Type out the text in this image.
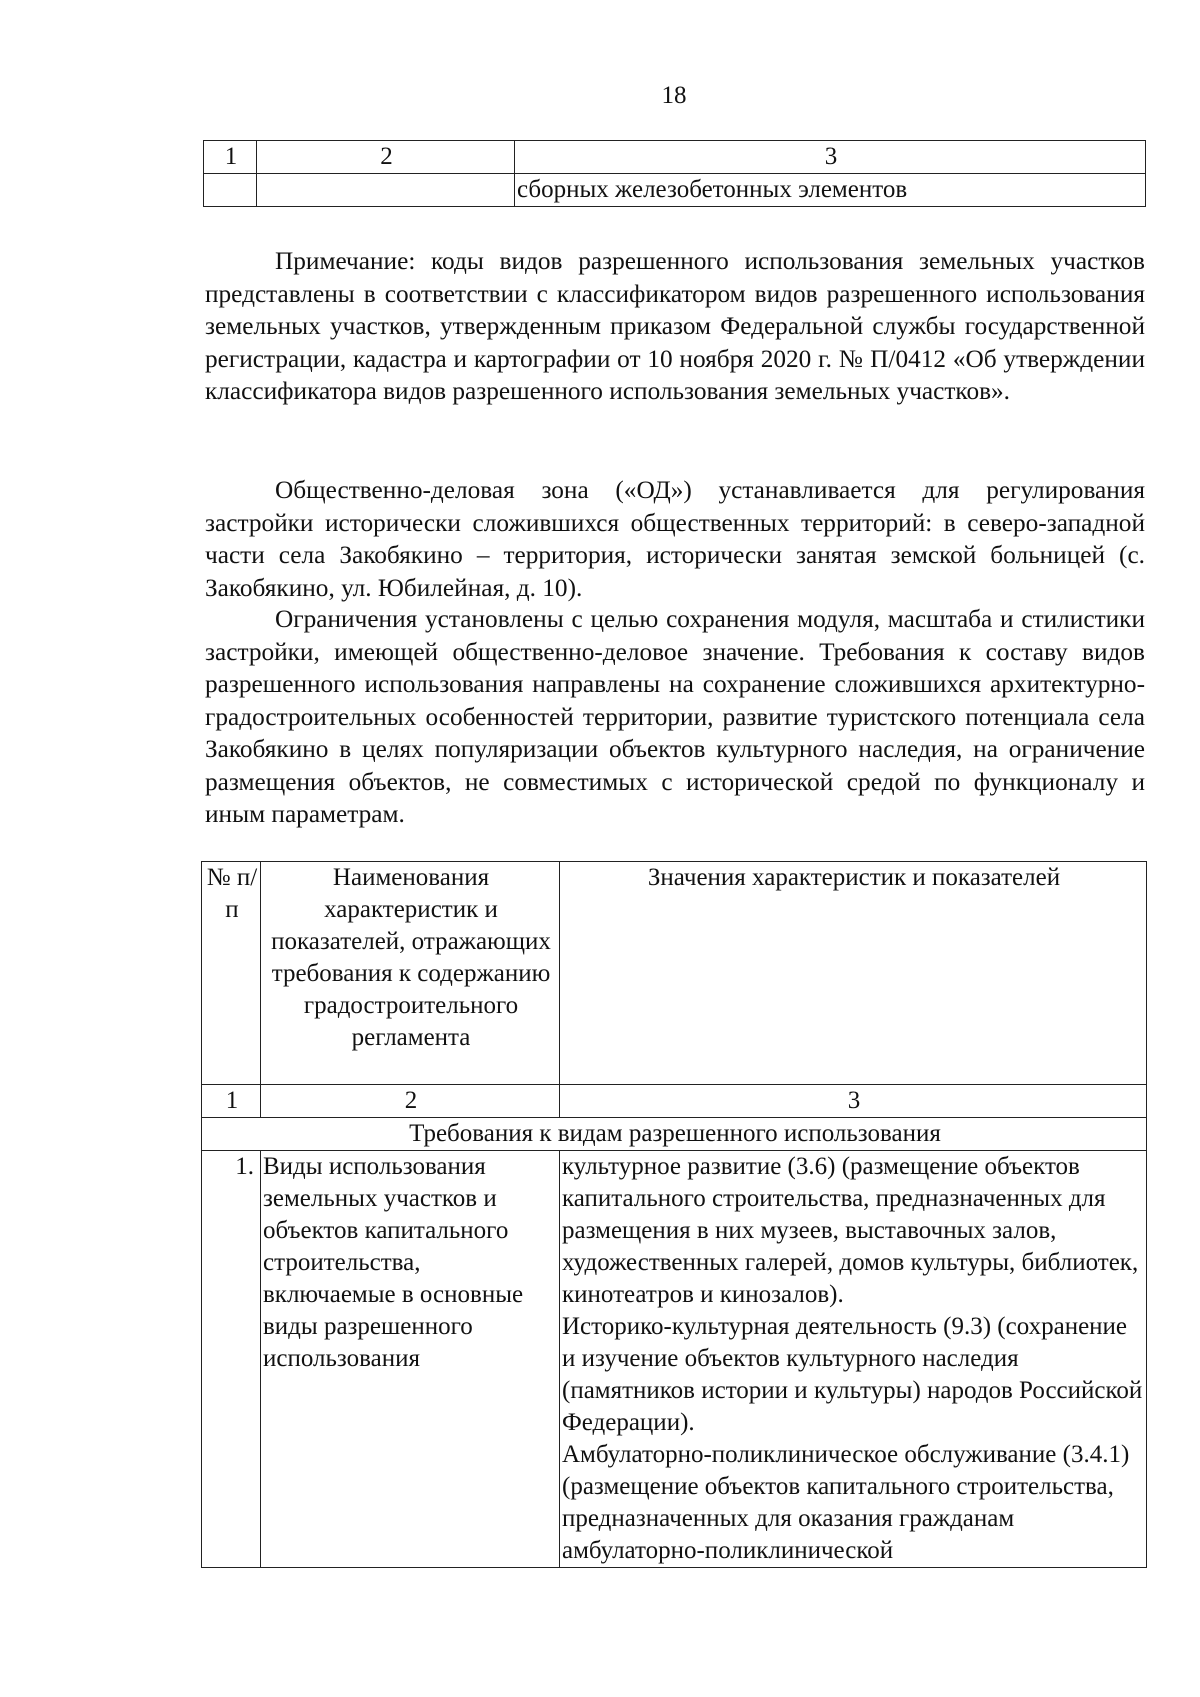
18
1	2	3
		сборных железобетонных элементов

Примечание: коды видов разрешенного использования земельных участков представлены в соответствии с классификатором видов разрешенного использования земельных участков, утвержденным приказом Федеральной службы государственной регистрации, кадастра и картографии от 10 ноября 2020 г. № П/0412 «Об утверждении классификатора видов разрешенного использования земельных участков».

Общественно-деловая зона («ОД») устанавливается для регулирования застройки исторически сложившихся общественных территорий: в северо-западной части села Закобякино – территория, исторически занятая земской больницей (с. Закобякино, ул. Юбилейная, д. 10).

Ограничения установлены с целью сохранения модуля, масштаба и стилистики застройки, имеющей общественно-деловое значение. Требования к составу видов разрешенного использования направлены на сохранение сложившихся архитектурно-градостроительных особенностей территории, развитие туристского потенциала села Закобякино в целях популяризации объектов культурного наследия, на ограничение размещения объектов, не совместимых с исторической средой по функционалу и иным параметрам.

№ п/п	Наименования характеристик и показателей, отражающих требования к содержанию градостроительного регламента	Значения характеристик и показателей
1	2	3
Требования к видам разрешенного использования		
1.	Виды использования земельных участков и объектов капитального строительства, включаемые в основные виды разрешенного использования	культурное развитие (3.6) (размещение объектов капитального строительства, предназначенных для размещения в них музеев, выставочных залов, художественных галерей, домов культуры, библиотек, кинотеатров и кинозалов).
Историко-культурная деятельность (9.3) (сохранение и изучение объектов культурного наследия (памятников истории и культуры) народов Российской Федерации).
Амбулаторно-поликлиническое обслуживание (3.4.1) (размещение объектов капитального строительства, предназначенных для оказания гражданам амбулаторно-поликлинической
